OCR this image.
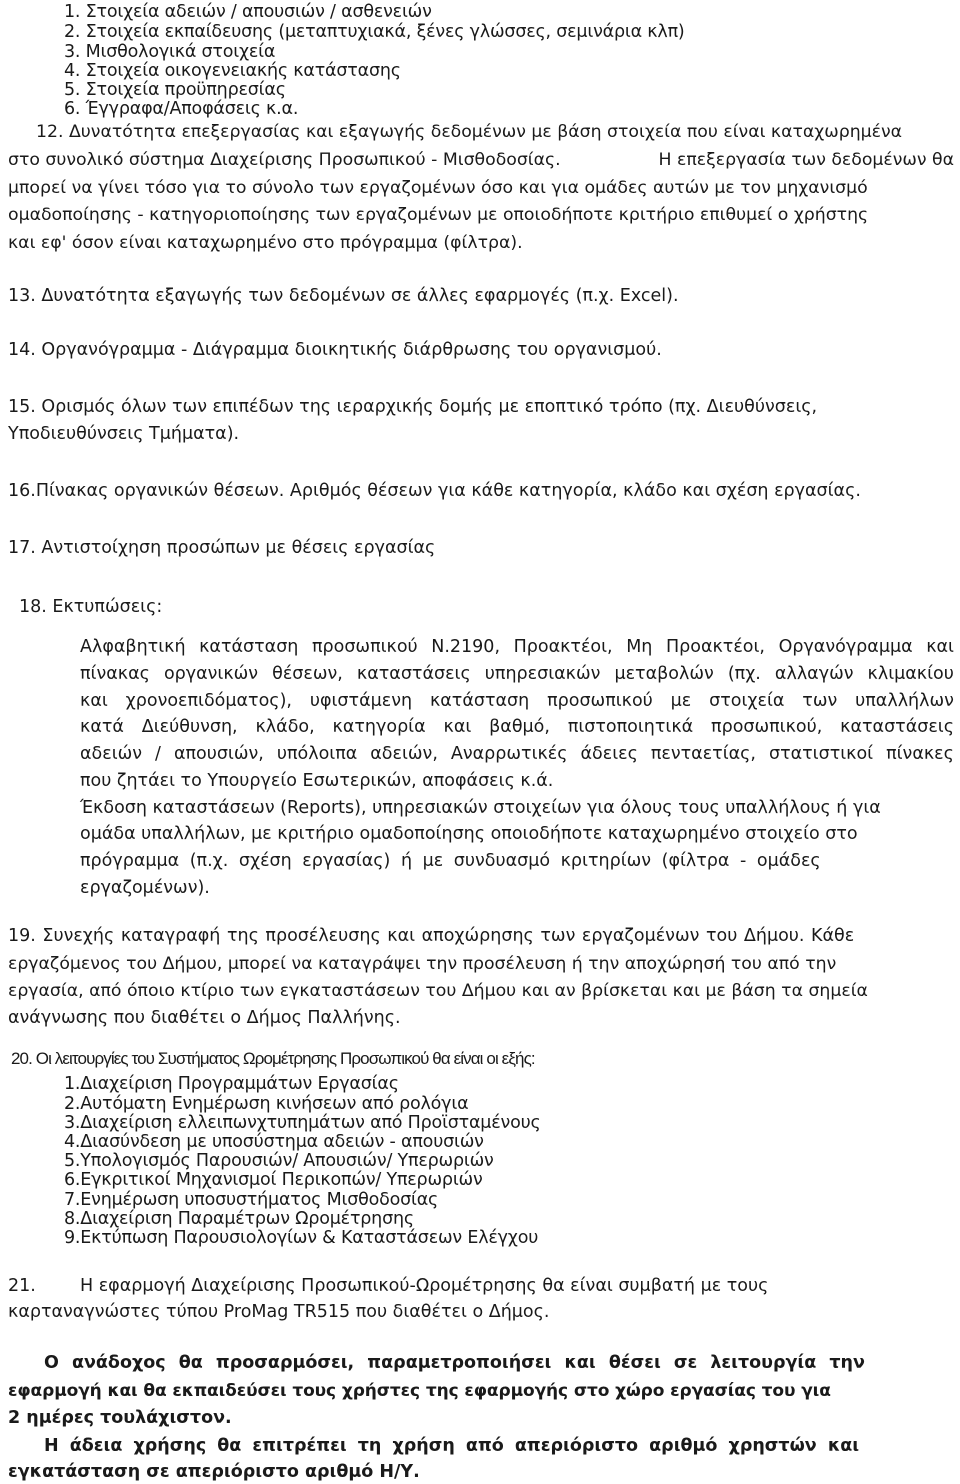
1. Στοιχεία αδειών / απουσιών / ασθενειών
2. Στοιχεία εκπαίδευσης (μεταπτυχιακά, ξένες γλώσσες, σεμινάρια κλπ)
3. Μισθολογικά στοιχεία
4. Στοιχεία οικογενειακής κατάστασης
5. Στοιχεία προϋπηρεσίας
6. Έγγραφα/Αποφάσεις κ.α.
12. Δυνατότητα επεξεργασίας και εξαγωγής δεδομένων με βάση στοιχεία που είναι καταχωρημένα
στο συνολικό σύστημα Διαχείρισης Προσωπικού - Μισθοδοσίας.	Η επεξεργασία των δεδομένων θα
μπορεί να γίνει τόσο για το σύνολο των εργαζομένων όσο και για ομάδες αυτών με τον μηχανισμό
ομαδοποίησης - κατηγοριοποίησης των εργαζομένων με οποιοδήποτε κριτήριο επιθυμεί ο χρήστης
και εφ' όσον είναι καταχωρημένο στο πρόγραμμα (φίλτρα).
13. Δυνατότητα εξαγωγής των δεδομένων σε άλλες εφαρμογές (π.χ. Excel).
14. Οργανόγραμμα - Διάγραμμα διοικητικής διάρθρωσης του οργανισμού.
15. Ορισμός όλων των επιπέδων της ιεραρχικής δομής με εποπτικό τρόπο (πχ. Διευθύνσεις,
Υποδιευθύνσεις Τμήματα).
16.Πίνακας οργανικών θέσεων. Αριθμός θέσεων για κάθε κατηγορία, κλάδο και σχέση εργασίας.
17. Αντιστοίχηση προσώπων με θέσεις εργασίας
18. Εκτυπώσεις:
Αλφαβητική κατάσταση προσωπικού Ν.2190, Προακτέοι, Μη Προακτέοι, Οργανόγραμμα και
πίνακας οργανικών θέσεων, καταστάσεις υπηρεσιακών μεταβολών (πχ. αλλαγών κλιμακίου
και χρονοεπιδόματος), υφιστάμενη κατάσταση προσωπικού με στοιχεία των υπαλλήλων
κατά Διεύθυνση, κλάδο, κατηγορία και βαθμό, πιστοποιητικά προσωπικού, καταστάσεις
αδειών / απουσιών, υπόλοιπα αδειών, Αναρρωτικές άδειες πενταετίας, στατιστικοί πίνακες
που ζητάει το Υπουργείο Εσωτερικών, αποφάσεις κ.ά.
Έκδοση καταστάσεων (Reports), υπηρεσιακών στοιχείων για όλους τους υπαλλήλους ή για
ομάδα υπαλλήλων, με κριτήριο ομαδοποίησης οποιοδήποτε καταχωρημένο στοιχείο στο
πρόγραμμα (π.χ. σχέση εργασίας) ή με συνδυασμό κριτηρίων (φίλτρα - ομάδες
εργαζομένων).
19. Συνεχής καταγραφή της προσέλευσης και αποχώρησης των εργαζομένων του Δήμου. Κάθε
εργαζόμενος του Δήμου, μπορεί να καταγράψει την προσέλευση ή την αποχώρησή του από την
εργασία, από όποιο κτίριο των εγκαταστάσεων του Δήμου και αν βρίσκεται και με βάση τα σημεία
ανάγνωσης που διαθέτει ο Δήμος Παλλήνης.
20. Οι λειτουργίες του Συστήματος Ωρομέτρησης Προσωπικού θα είναι οι εξής:
1.Διαχείριση Προγραμμάτων Εργασίας
2.Αυτόματη Ενημέρωση κινήσεων από ρολόγια
3.Διαχείριση ελλειπωνχτυπημάτων από Προϊσταμένους
4.Διασύνδεση με υποσύστημα αδειών - απουσιών
5.Υπολογισμός Παρουσιών/ Απουσιών/ Υπερωριών
6.Εγκριτικοί Μηχανισμοί Περικοπών/ Υπερωριών
7.Ενημέρωση υποσυστήματος Μισθοδοσίας
8.Διαχείριση Παραμέτρων Ωρομέτρησης
9.Εκτύπωση Παρουσιολογίων & Καταστάσεων Ελέγχου
21.	Η εφαρμογή Διαχείρισης Προσωπικού-Ωρομέτρησης θα είναι συμβατή με τους
καρταναγνώστες τύπου ProMag TR515 που διαθέτει ο Δήμος.
Ο ανάδοχος θα προσαρμόσει, παραμετροποιήσει και θέσει σε λειτουργία την
εφαρμογή και θα εκπαιδεύσει τους χρήστες της εφαρμογής στο χώρο εργασίας του για
2 ημέρες τουλάχιστον.
Η άδεια χρήσης θα επιτρέπει τη χρήση από απεριόριστο αριθμό χρηστών και
εγκατάσταση σε απεριόριστο αριθμό Η/Υ.
